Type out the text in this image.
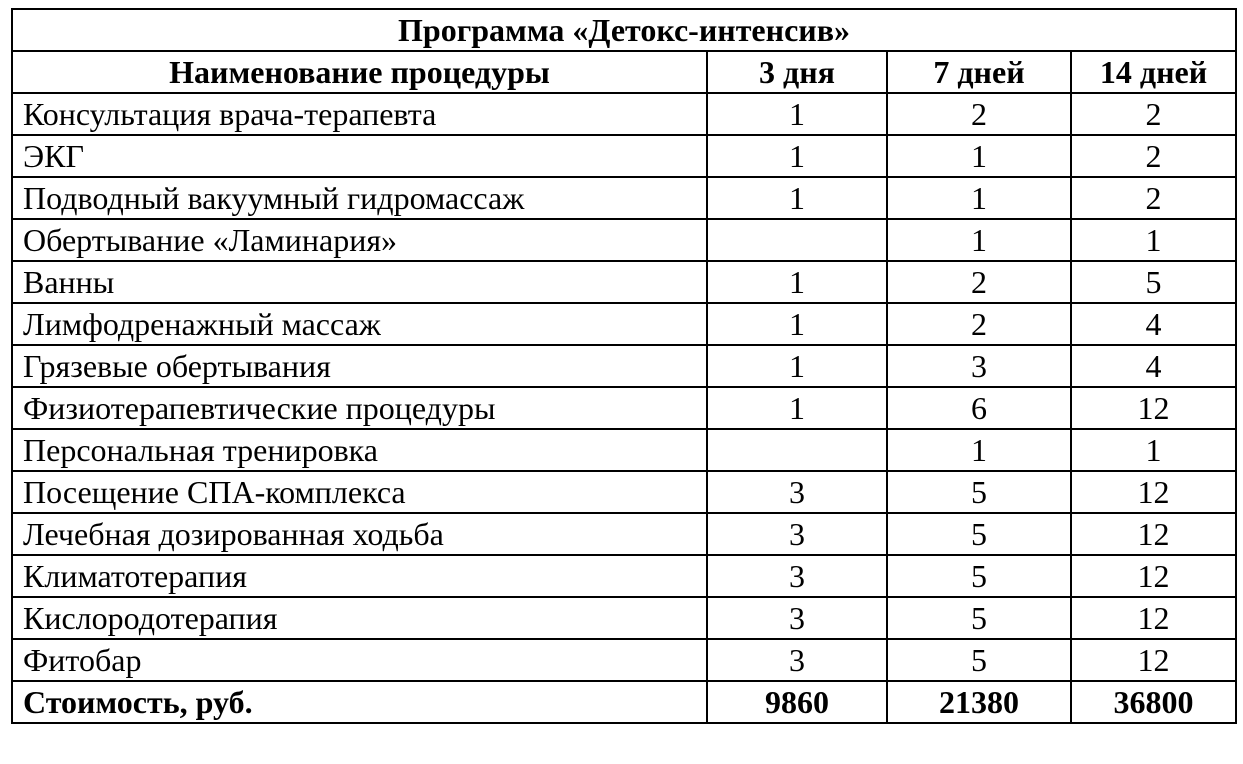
Программа «Детокс-интенсив»			
Наименование процедуры	3 дня	7 дней	14 дней
Консультация врача-терапевта	1	2	2
ЭКГ	1	1	2
Подводный вакуумный гидромассаж	1	1	2
Обертывание «Ламинария»		1	1
Ванны	1	2	5
Лимфодренажный массаж	1	2	4
Грязевые обертывания	1	3	4
Физиотерапевтические процедуры	1	6	12
Персональная тренировка		1	1
Посещение СПА-комплекса	3	5	12
Лечебная дозированная ходьба	3	5	12
Климатотерапия	3	5	12
Кислородотерапия	3	5	12
Фитобар	3	5	12
Стоимость, руб.	9860	21380	36800
